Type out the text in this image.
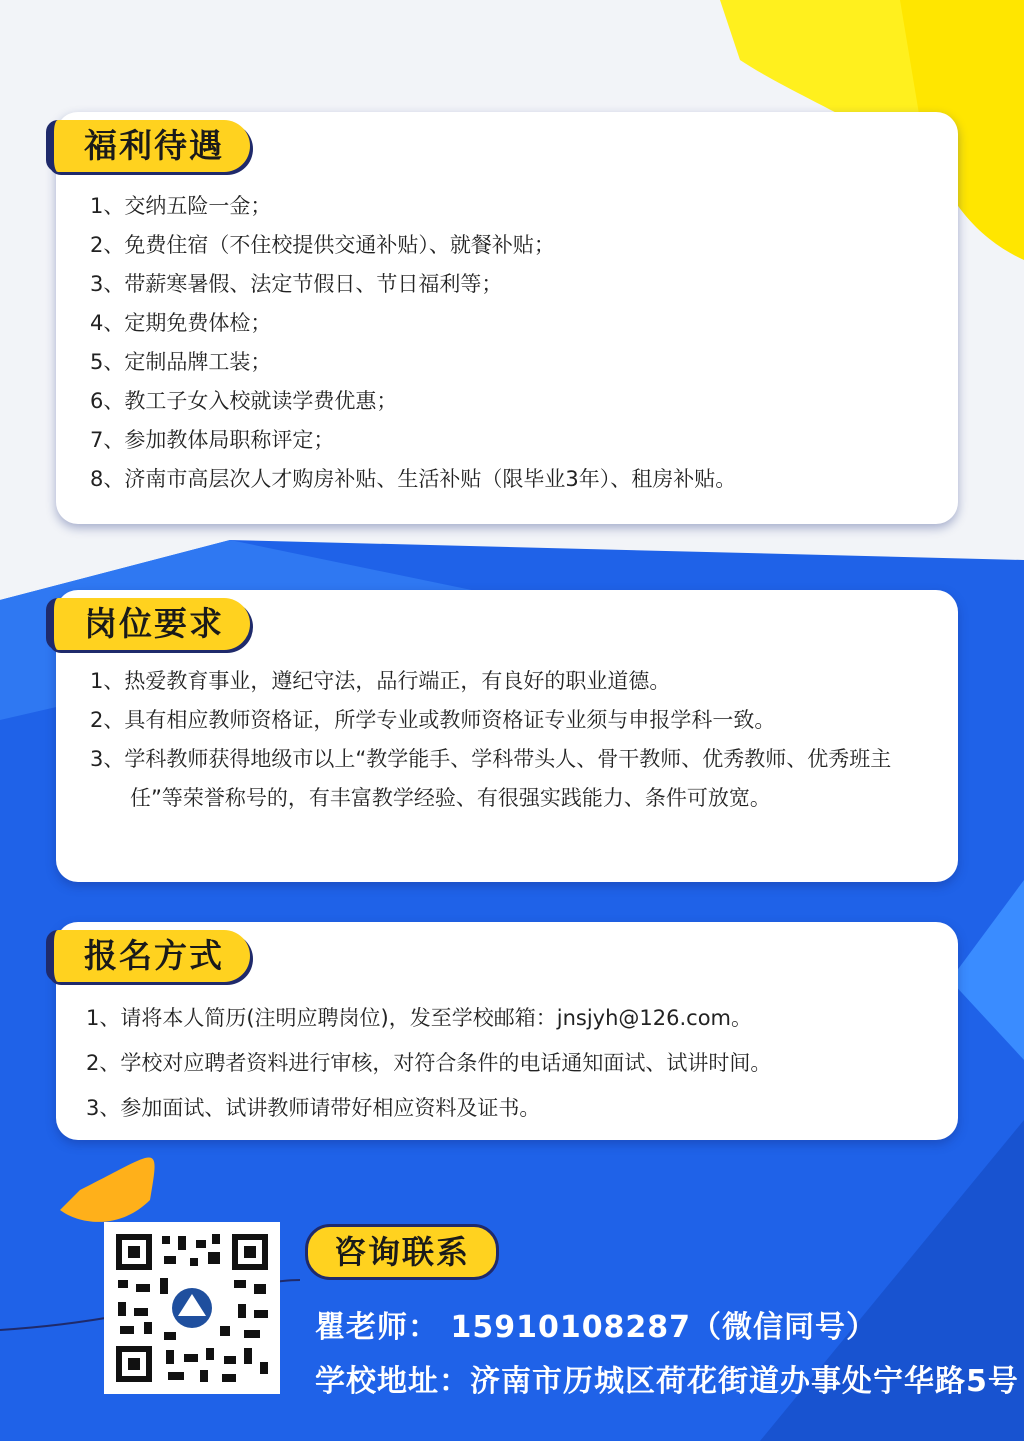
1、交纳五险一金；
2、免费住宿（不住校提供交通补贴）、就餐补贴；
3、带薪寒暑假、法定节假日、节日福利等；
4、定期免费体检；
5、定制品牌工装；
6、教工子女入校就读学费优惠；
7、参加教体局职称评定；
8、济南市高层次人才购房补贴、生活补贴（限毕业3年）、租房补贴。
福利待遇
1、热爱教育事业，遵纪守法，品行端正，有良好的职业道德。
2、具有相应教师资格证，所学专业或教师资格证专业须与申报学科一致。
3、学科教师获得地级市以上“教学能手、学科带头人、骨干教师、优秀教师、优秀班主任”等荣誉称号的，有丰富教学经验、有很强实践能力、条件可放宽。
岗位要求
1、请将本人简历(注明应聘岗位)，发至学校邮箱：jnsjyh@126.com。
2、学校对应聘者资料进行审核，对符合条件的电话通知面试、试讲时间。
3、参加面试、试讲教师请带好相应资料及证书。
报名方式
咨询联系
瞿老师： 15910108287（微信同号）
学校地址：济南市历城区荷花街道办事处宁华路5号
